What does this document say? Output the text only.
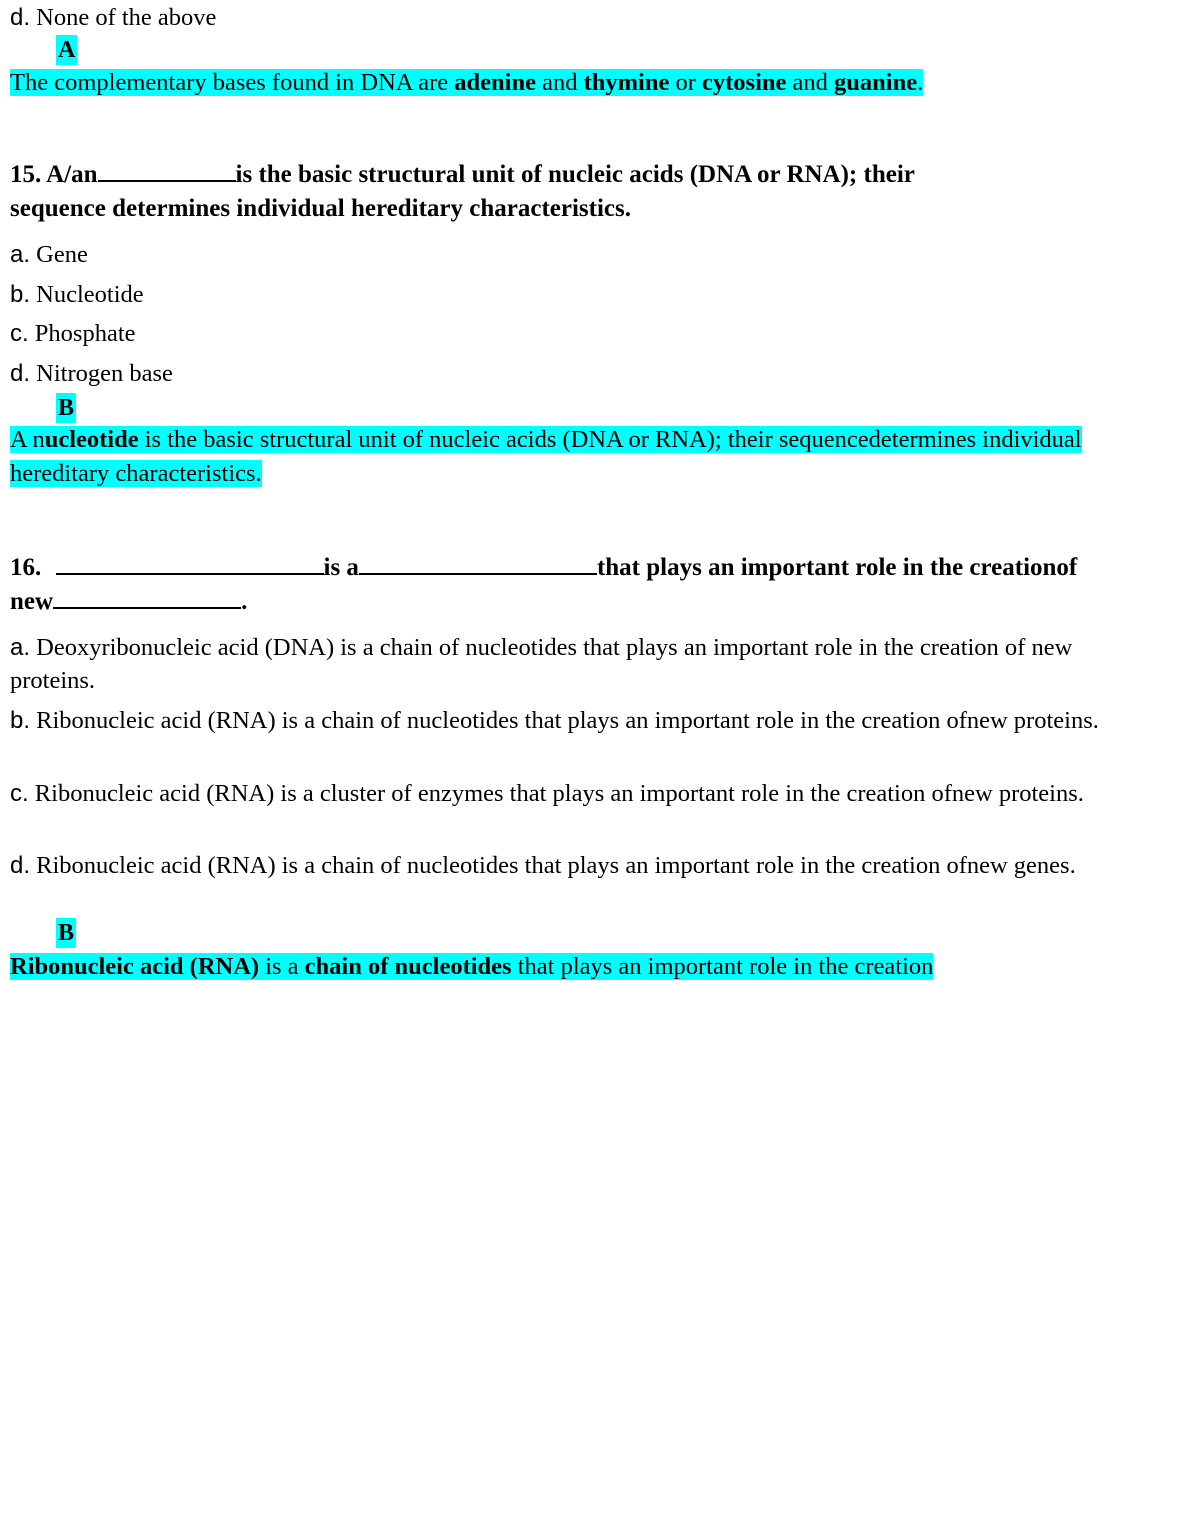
d. None of the above

A

The complementary bases found in DNA are adenine and thymine or cytosine and guanine.

15. A/an	is the basic structural unit of nucleic acids (DNA or RNA); their

sequence determines individual hereditary characteristics.

a. Gene

b. Nucleotide

c. Phosphate

d. Nitrogen base

B

A nucleotide is the basic structural unit of nucleic acids (DNA or RNA); their sequencedetermines individual hereditary characteristics.

16.	is a	that plays an important role in the creationof

new	.

a. Deoxyribonucleic acid (DNA) is a chain of nucleotides that plays an important role in the creation of new proteins.

b. Ribonucleic acid (RNA) is a chain of nucleotides that plays an important role in the creation ofnew proteins.

c. Ribonucleic acid (RNA) is a cluster of enzymes that plays an important role in the creation ofnew proteins.

d. Ribonucleic acid (RNA) is a chain of nucleotides that plays an important role in the creation ofnew genes.

B

Ribonucleic acid (RNA) is a chain of nucleotides that plays an important role in the creation
